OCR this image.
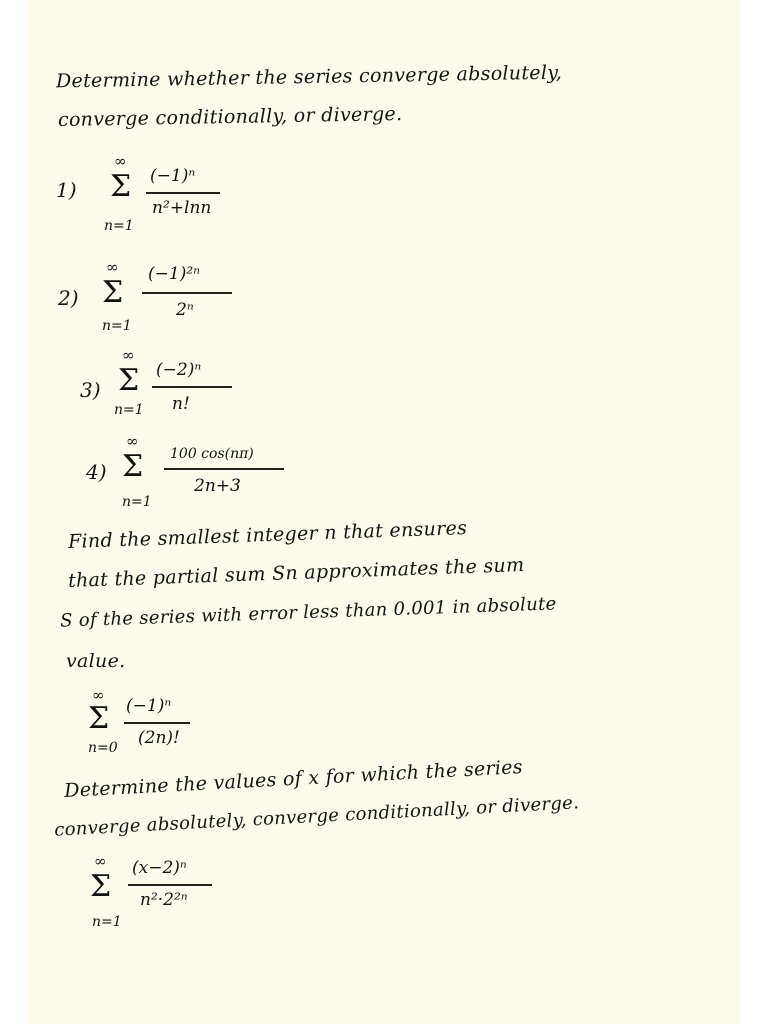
Determine whether the series converge absolutely,
converge conditionally, or diverge.
1)
∞
Σ
n=1
(−1)ⁿ
n²+lnn
2)
∞
Σ
n=1
(−1)²ⁿ
2ⁿ
3)
∞
Σ
n=1
(−2)ⁿ
n!
4)
∞
Σ
n=1
100 cos(nπ)
2n+3
Find the smallest integer n that ensures
that the partial sum Sn approximates the sum
S of the series with error less than 0.001 in absolute
value.
∞
Σ
n=0
(−1)ⁿ
(2n)!
Determine the values of x for which the series
converge absolutely, converge conditionally, or diverge.
∞
Σ
n=1
(x−2)ⁿ
n²·2²ⁿ
